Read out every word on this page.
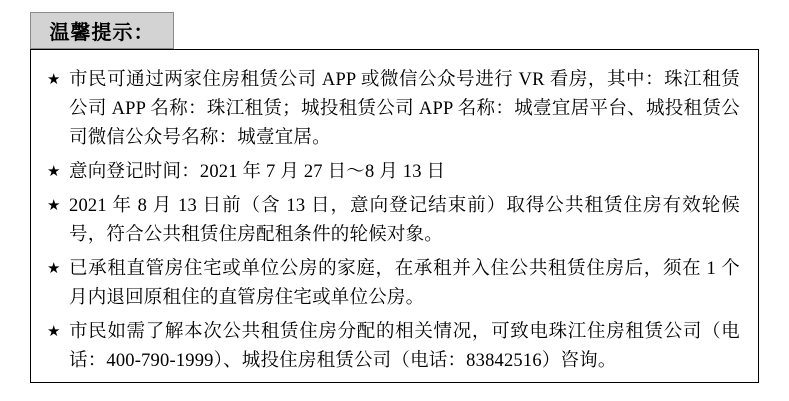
温馨提示：
★ 市民可通过两家住房租赁公司 APP 或微信公众号进行 VR 看房，其中：珠江租赁公司 APP 名称：珠江租赁；城投租赁公司 APP 名称：城壹宜居平台、城投租赁公司微信公众号名称：城壹宜居。
★ 意向登记时间：2021 年 7 月 27 日～8 月 13 日
★ 2021 年 8 月 13 日前（含 13 日，意向登记结束前）取得公共租赁住房有效轮候号，符合公共租赁住房配租条件的轮候对象。
★ 已承租直管房住宅或单位公房的家庭，在承租并入住公共租赁住房后，须在 1 个月内退回原租住的直管房住宅或单位公房。
★ 市民如需了解本次公共租赁住房分配的相关情况，可致电珠江住房租赁公司（电话：400-790-1999）、城投住房租赁公司（电话：83842516）咨询。
